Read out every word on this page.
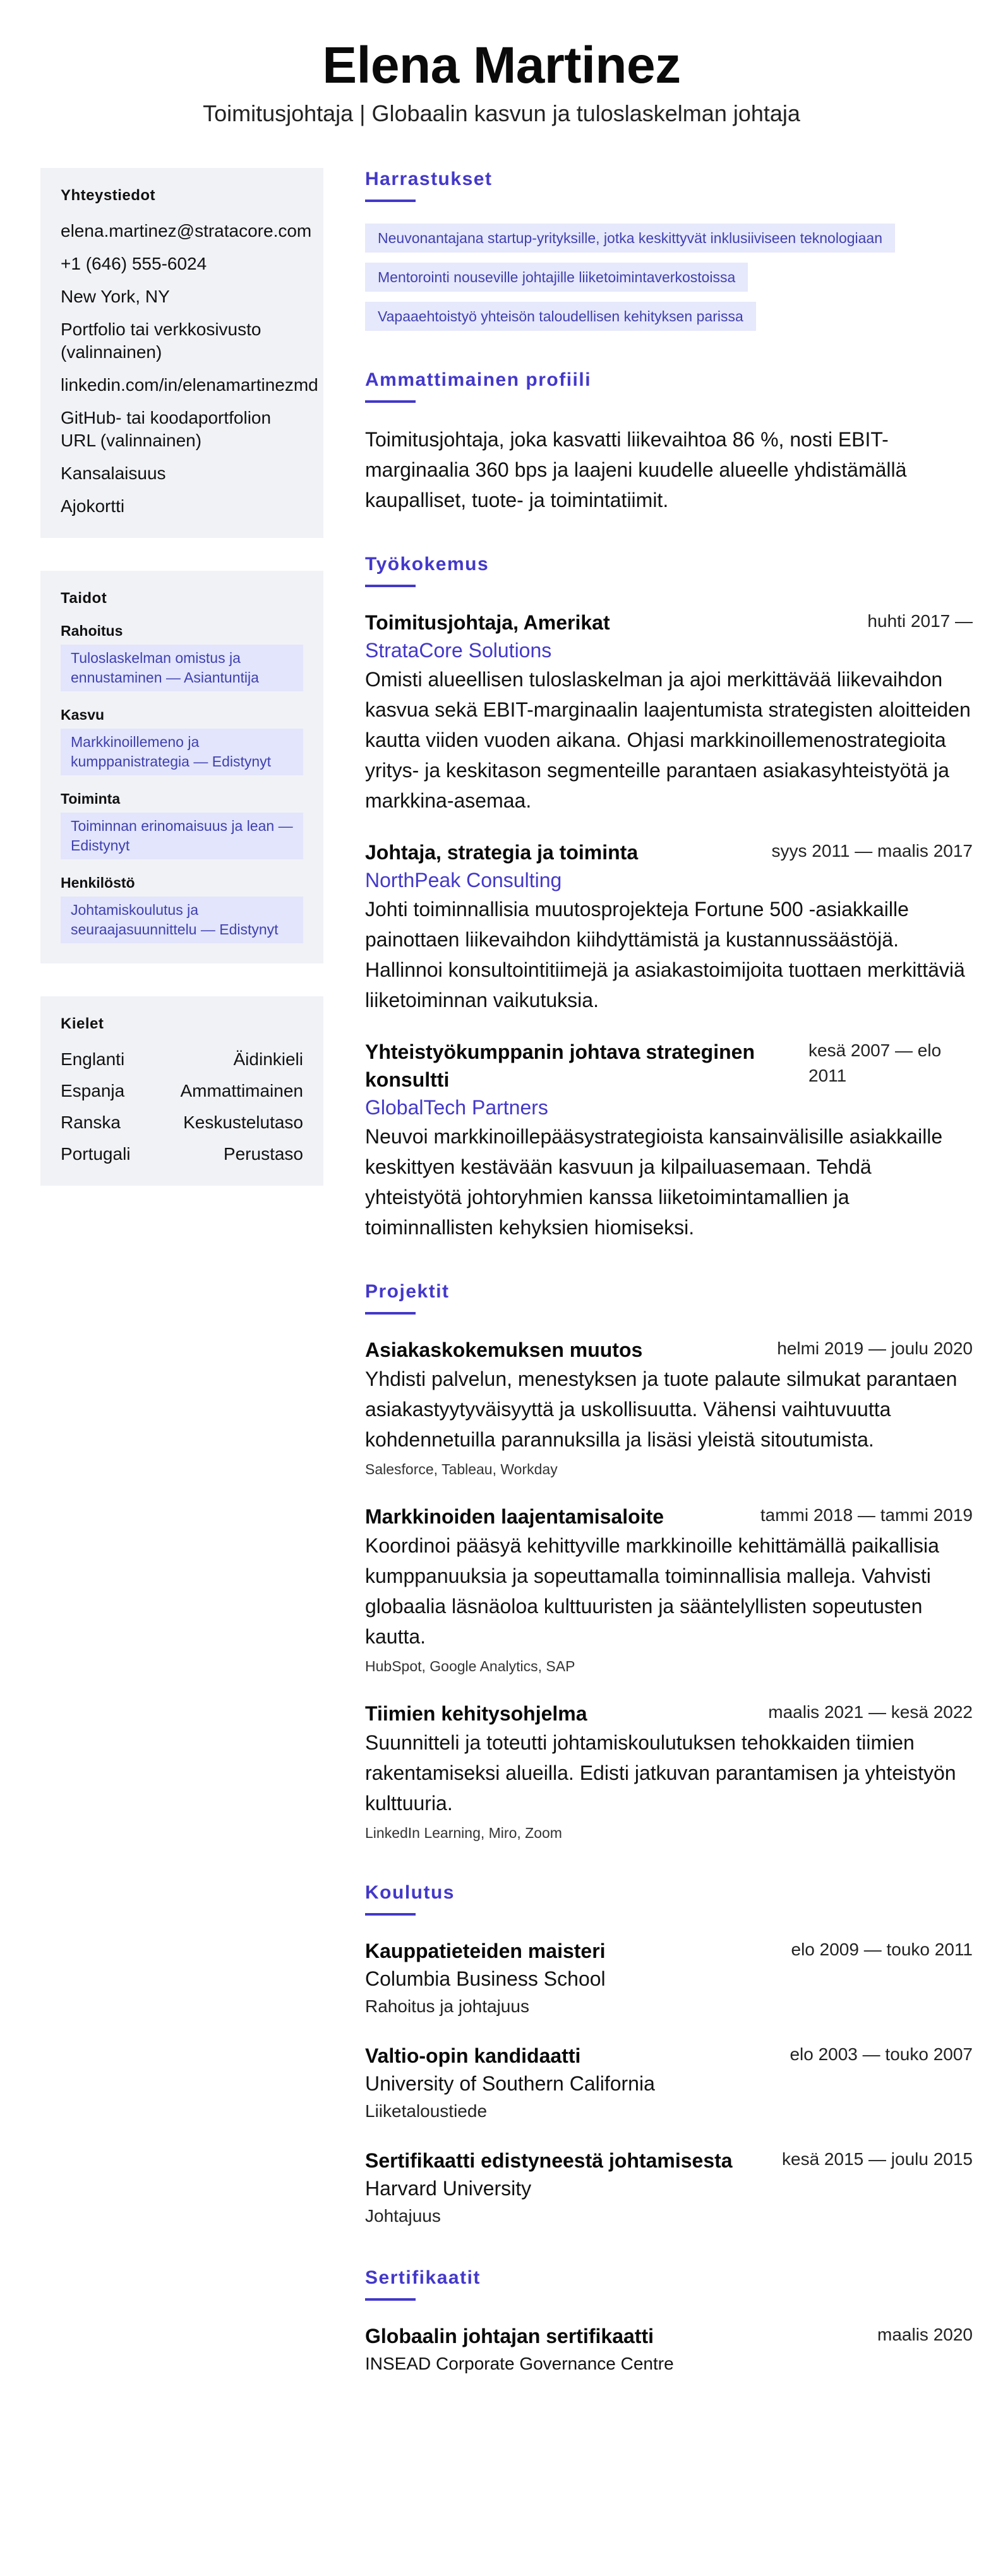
Elena Martinez
Toimitusjohtaja | Globaalin kasvun ja tuloslaskelman johtaja
Yhteystiedot
elena.martinez@stratacore.com
+1 (646) 555-6024
New York, NY
Portfolio tai verkkosivusto (valinnainen)
linkedin.com/in/elenamartinezmd
GitHub- tai koodaportfolion URL (valinnainen)
Kansalaisuus
Ajokortti
Taidot
Rahoitus
Tuloslaskelman omistus ja ennustaminen — Asiantuntija
Kasvu
Markkinoillemeno ja kumppanistrategia — Edistynyt
Toiminta
Toiminnan erinomaisuus ja lean — Edistynyt
Henkilöstö
Johtamiskoulutus ja seuraajasuunnittelu — Edistynyt
Kielet
Englanti	Äidinkieli
Espanja	Ammattimainen
Ranska	Keskustelutaso
Portugali	Perustaso
Harrastukset
Neuvonantajana startup-yrityksille, jotka keskittyvät inklusiiviseen teknologiaan
Mentorointi nouseville johtajille liiketoimintaverkostoissa
Vapaaehtoistyö yhteisön taloudellisen kehityksen parissa
Ammattimainen profiili
Toimitusjohtaja, joka kasvatti liikevaihtoa 86 %, nosti EBIT-marginaalia 360 bps ja laajeni kuudelle alueelle yhdistämällä kaupalliset, tuote- ja toimintatiimit.
Työkokemus
Toimitusjohtaja, Amerikat	huhti 2017 —
StrataCore Solutions
Omisti alueellisen tuloslaskelman ja ajoi merkittävää liikevaihdon kasvua sekä EBIT-marginaalin laajentumista strategisten aloitteiden kautta viiden vuoden aikana. Ohjasi markkinoillemenostrategioita yritys- ja keskitason segmenteille parantaen asiakasyhteistyötä ja markkina-asemaa.
Johtaja, strategia ja toiminta	syys 2011 — maalis 2017
NorthPeak Consulting
Johti toiminnallisia muutosprojekteja Fortune 500 -asiakkaille painottaen liikevaihdon kiihdyttämistä ja kustannussäästöjä. Hallinnoi konsultointitiimejä ja asiakastoimijoita tuottaen merkittäviä liiketoiminnan vaikutuksia.
Yhteistyökumppanin johtava strateginen konsultti
kesä 2007 — elo 2011
GlobalTech Partners
Neuvoi markkinoillepääsystrategioista kansainvälisille asiakkaille keskittyen kestävään kasvuun ja kilpailuasemaan. Tehdä yhteistyötä johtoryhmien kanssa liiketoimintamallien ja toiminnallisten kehyksien hiomiseksi.
Projektit
Asiakaskokemuksen muutos	helmi 2019 — joulu 2020
Yhdisti palvelun, menestyksen ja tuote palaute silmukat parantaen asiakastyytyväisyyttä ja uskollisuutta. Vähensi vaihtuvuutta kohdennetuilla parannuksilla ja lisäsi yleistä sitoutumista.
Salesforce, Tableau, Workday
Markkinoiden laajentamisaloite	tammi 2018 — tammi 2019
Koordinoi pääsyä kehittyville markkinoille kehittämällä paikallisia kumppanuuksia ja sopeuttamalla toiminnallisia malleja. Vahvisti globaalia läsnäoloa kulttuuristen ja sääntelyllisten sopeutusten kautta.
HubSpot, Google Analytics, SAP
Tiimien kehitysohjelma	maalis 2021 — kesä 2022
Suunnitteli ja toteutti johtamiskoulutuksen tehokkaiden tiimien rakentamiseksi alueilla. Edisti jatkuvan parantamisen ja yhteistyön kulttuuria.
LinkedIn Learning, Miro, Zoom
Koulutus
Kauppatieteiden maisteri	elo 2009 — touko 2011
Columbia Business School
Rahoitus ja johtajuus
Valtio-opin kandidaatti	elo 2003 — touko 2007
University of Southern California
Liiketaloustiede
Sertifikaatti edistyneestä johtamisesta	kesä 2015 — joulu 2015
Harvard University
Johtajuus
Sertifikaatit
Globaalin johtajan sertifikaatti	maalis 2020
INSEAD Corporate Governance Centre
